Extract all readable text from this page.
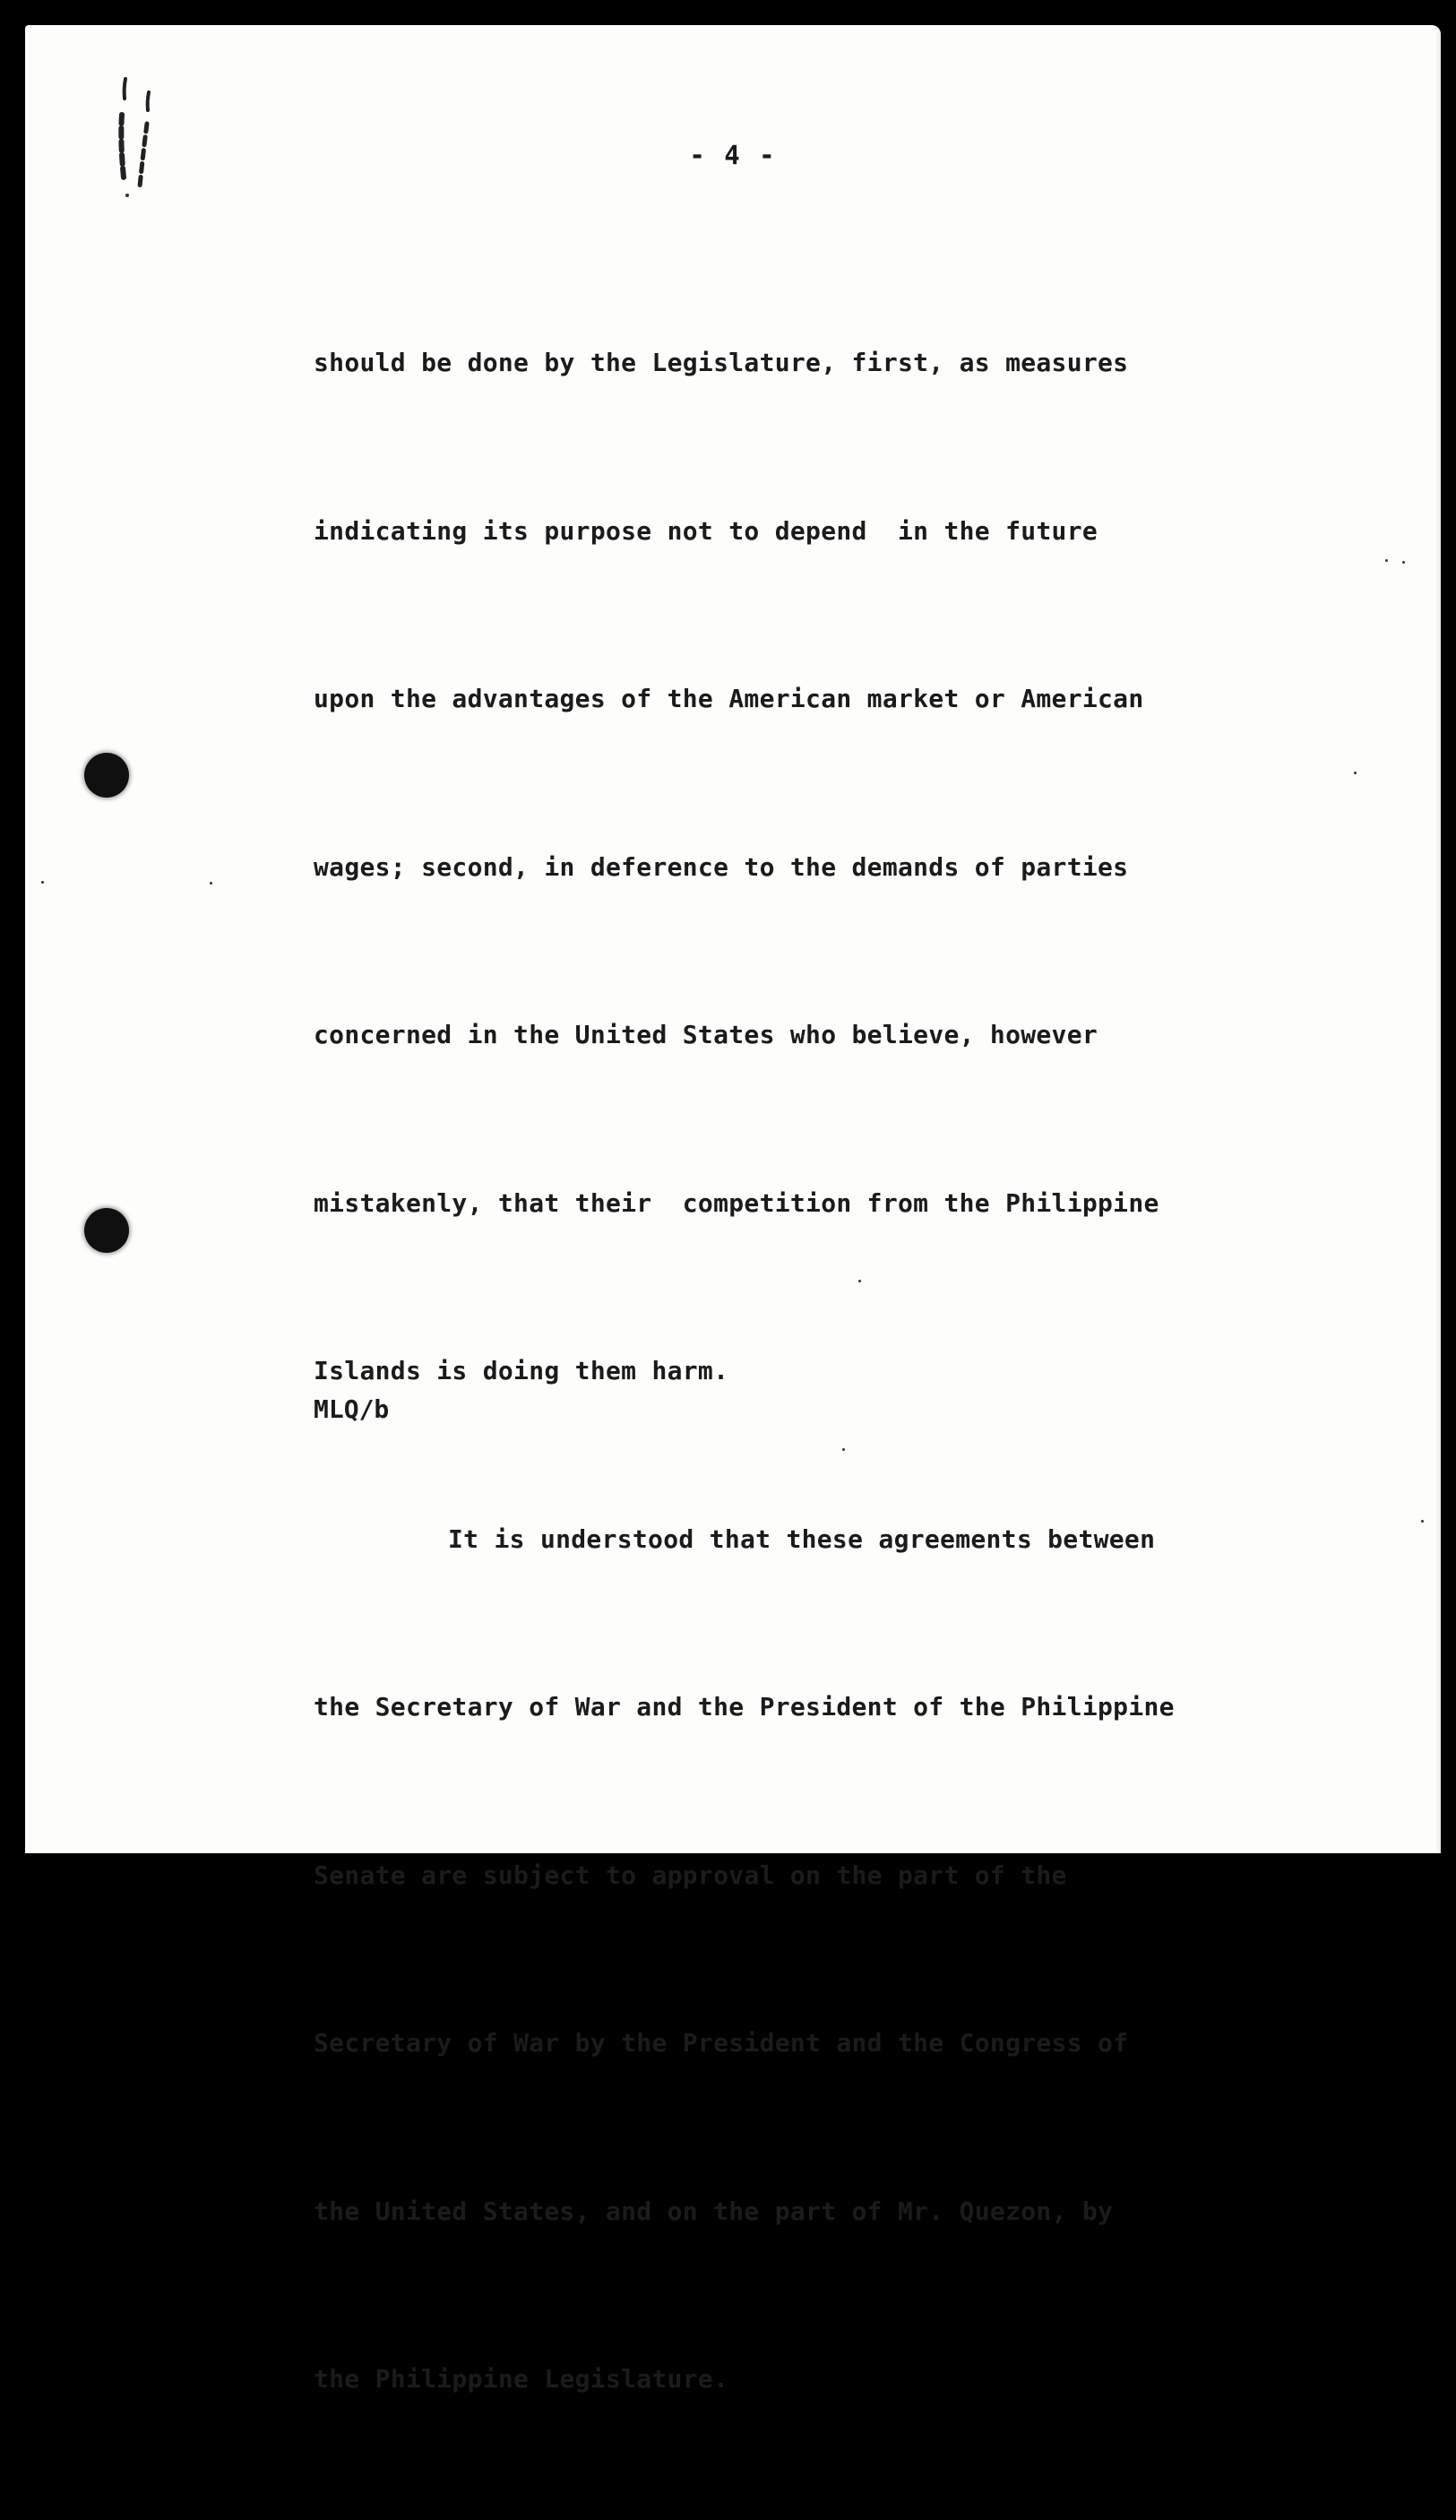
- 4 -

should be done by the Legislature, first, as measures

indicating its purpose not to depend  in the future

upon the advantages of the American market or American

wages; second, in deference to the demands of parties

concerned in the United States who believe, however

mistakenly, that their  competition from the Philippine

Islands is doing them harm.

It is understood that these agreements between

the Secretary of War and the President of the Philippine

Senate are subject to approval on the part of the

Secretary of War by the President and the Congress of

the United States, and on the part of Mr. Quezon, by

the Philippine Legislature.

MLQ/b
